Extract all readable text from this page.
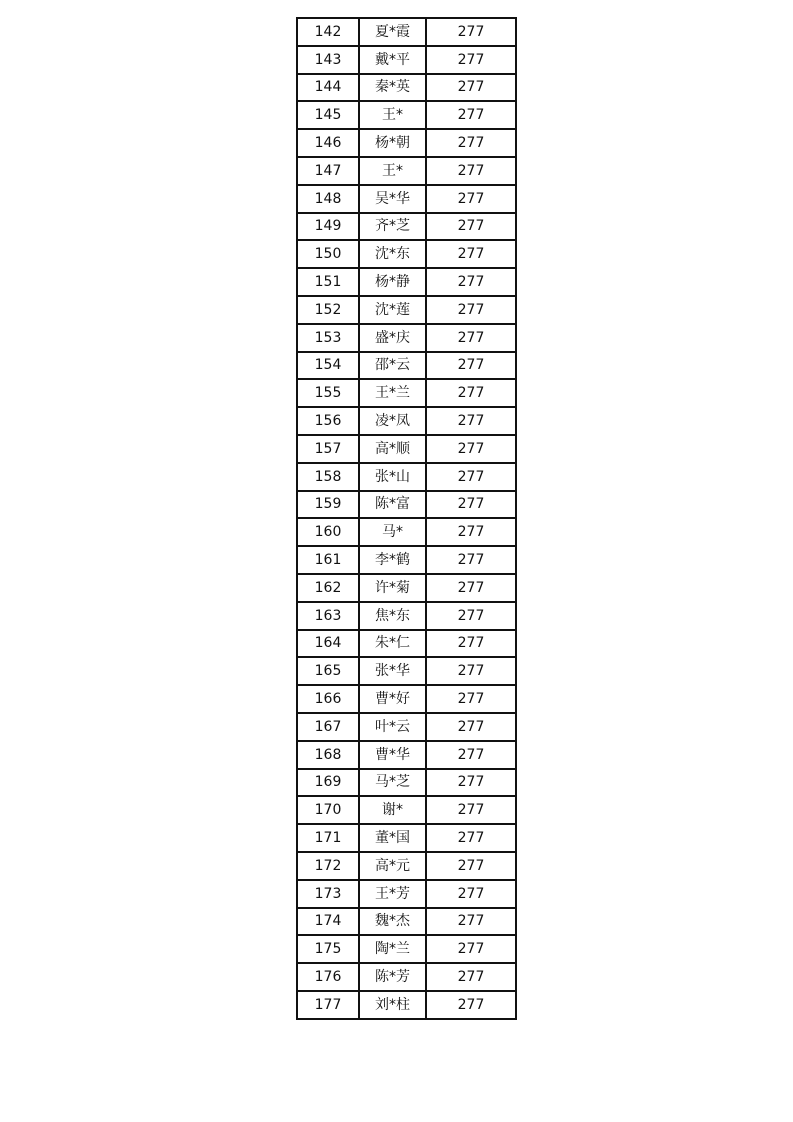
142	夏*霞	277
143	戴*平	277
144	秦*英	277
145	王*	277
146	杨*朝	277
147	王*	277
148	吴*华	277
149	齐*芝	277
150	沈*东	277
151	杨*静	277
152	沈*莲	277
153	盛*庆	277
154	邵*云	277
155	王*兰	277
156	凌*凤	277
157	高*顺	277
158	张*山	277
159	陈*富	277
160	马*	277
161	李*鹤	277
162	许*菊	277
163	焦*东	277
164	朱*仁	277
165	张*华	277
166	曹*好	277
167	叶*云	277
168	曹*华	277
169	马*芝	277
170	谢*	277
171	董*国	277
172	高*元	277
173	王*芳	277
174	魏*杰	277
175	陶*兰	277
176	陈*芳	277
177	刘*柱	277
